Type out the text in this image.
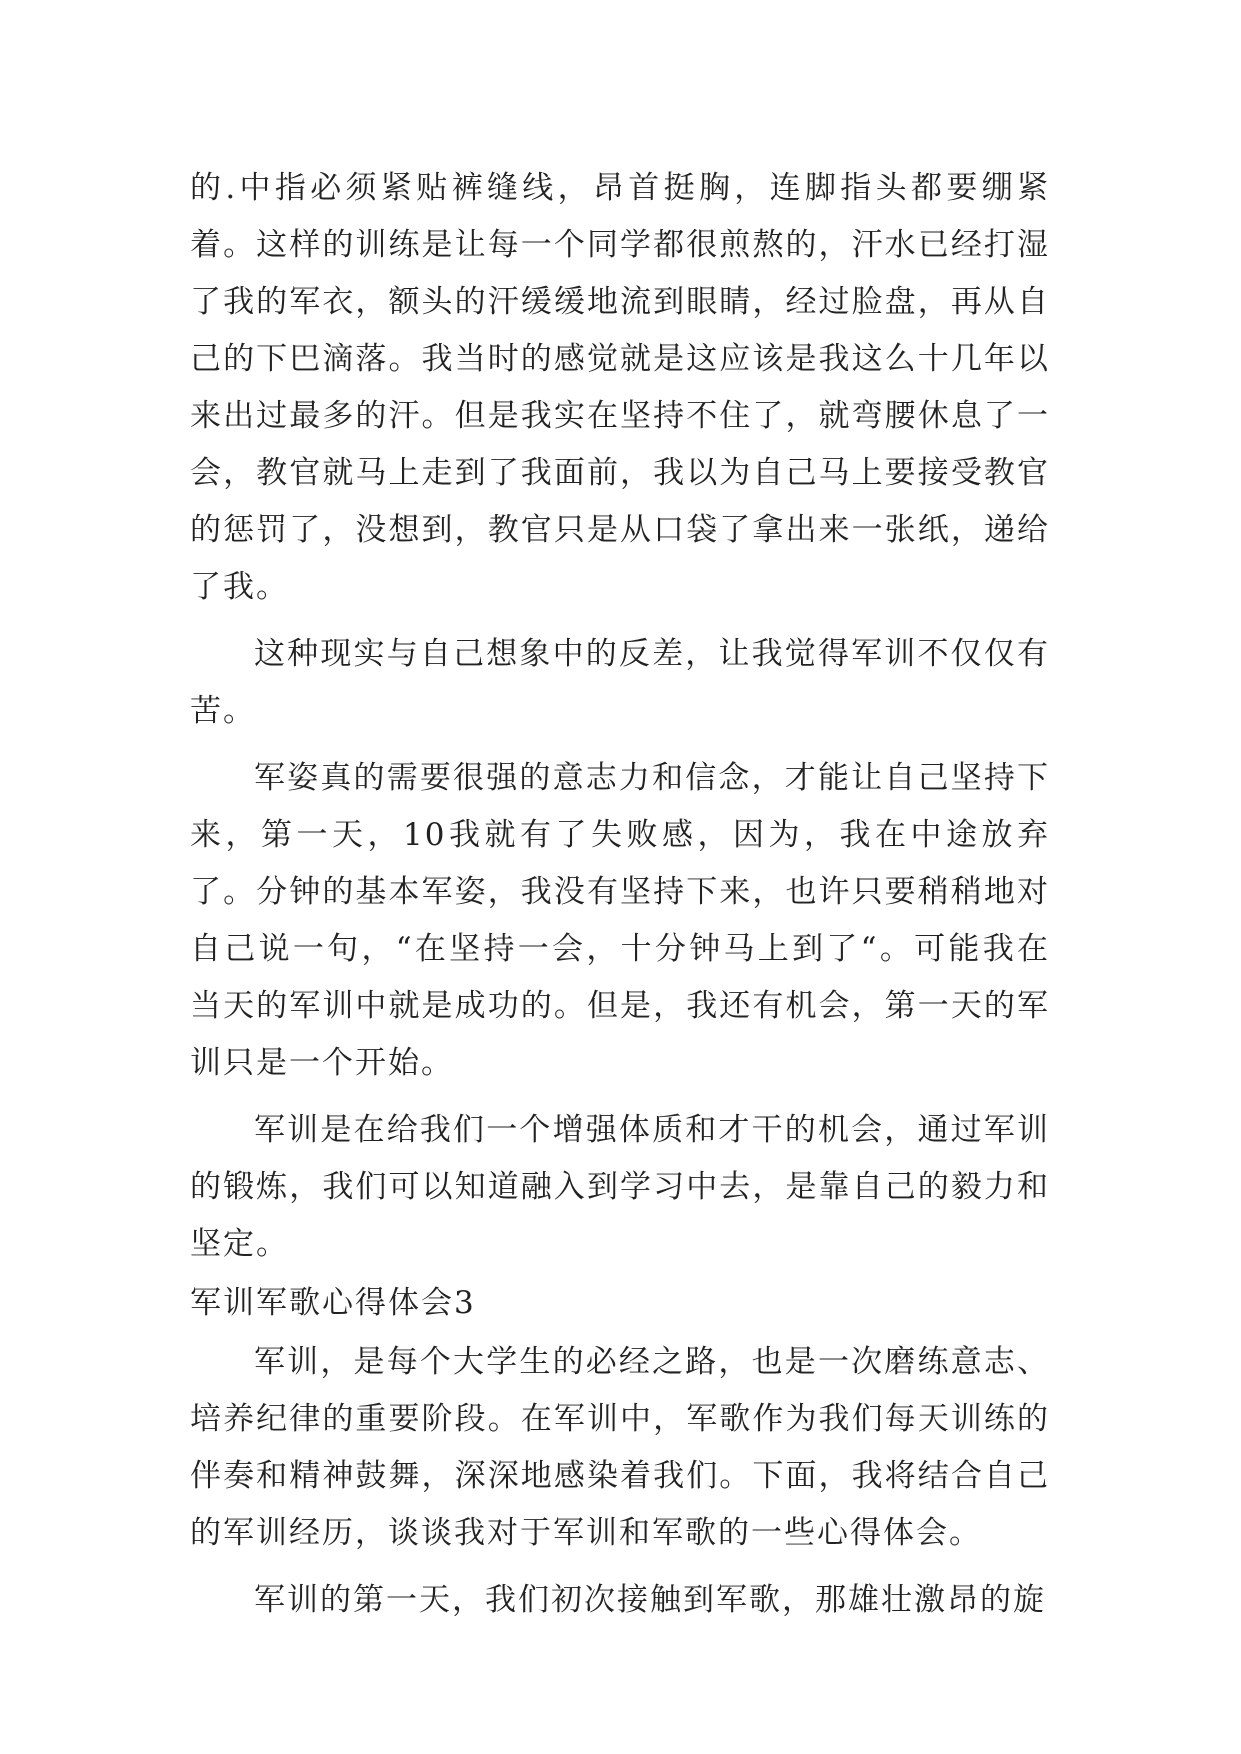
的.中指必须紧贴裤缝线，昂首挺胸，连脚指头都要绷紧着。这样的训练是让每一个同学都很煎熬的，汗水已经打湿了我的军衣，额头的汗缓缓地流到眼睛，经过脸盘，再从自己的下巴滴落。我当时的感觉就是这应该是我这么十几年以来出过最多的汗。但是我实在坚持不住了，就弯腰休息了一会，教官就马上走到了我面前，我以为自己马上要接受教官的惩罚了，没想到，教官只是从口袋了拿出来一张纸，递给了我。

这种现实与自己想象中的反差，让我觉得军训不仅仅有苦。

军姿真的需要很强的意志力和信念，才能让自己坚持下来，第一天，10我就有了失败感，因为，我在中途放弃了。分钟的基本军姿，我没有坚持下来，也许只要稍稍地对自己说一句，“在坚持一会，十分钟马上到了“。可能我在当天的军训中就是成功的。但是，我还有机会，第一天的军训只是一个开始。

军训是在给我们一个增强体质和才干的机会，通过军训的锻炼，我们可以知道融入到学习中去，是靠自己的毅力和坚定。

军训军歌心得体会3

军训，是每个大学生的必经之路，也是一次磨练意志、培养纪律的重要阶段。在军训中，军歌作为我们每天训练的伴奏和精神鼓舞，深深地感染着我们。下面，我将结合自己的军训经历，谈谈我对于军训和军歌的一些心得体会。

军训的第一天，我们初次接触到军歌，那雄壮激昂的旋
